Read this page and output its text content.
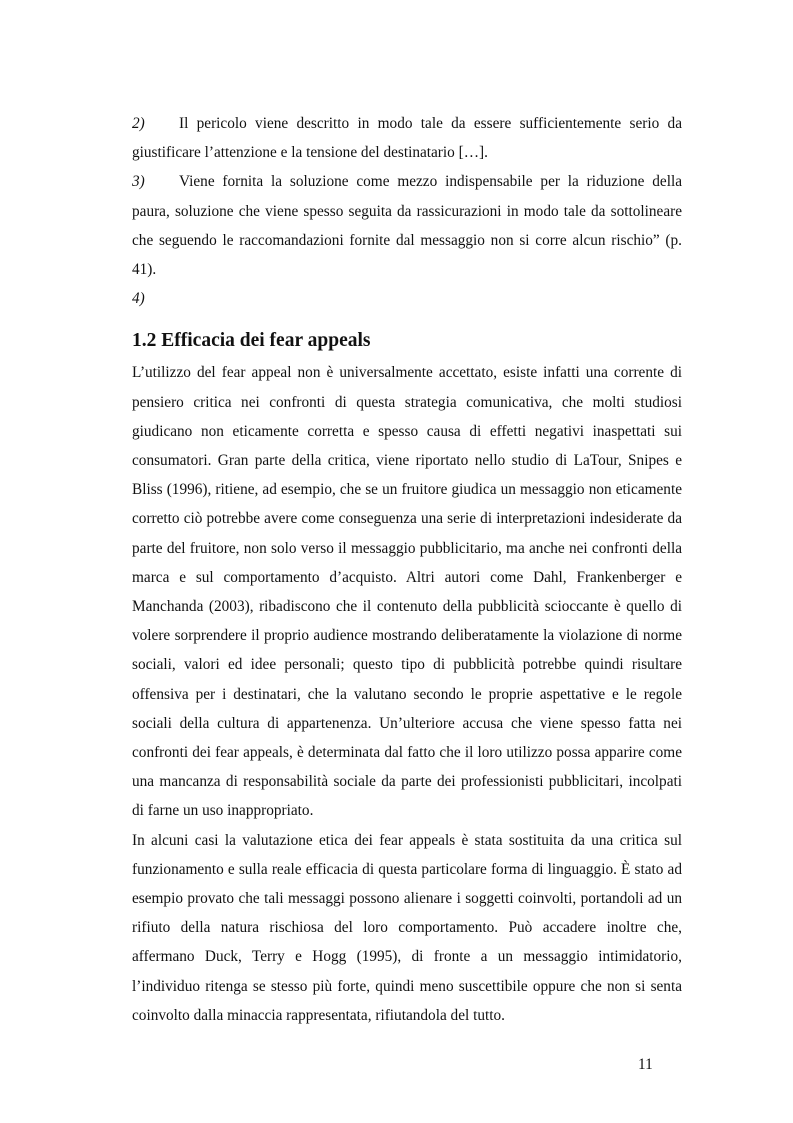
2) Il pericolo viene descritto in modo tale da essere sufficientemente serio da giustificare l’attenzione e la tensione del destinatario […].

3) Viene fornita la soluzione come mezzo indispensabile per la riduzione della paura, soluzione che viene spesso seguita da rassicurazioni in modo tale da sottolineare che seguendo le raccomandazioni fornite dal messaggio non si corre alcun rischio” (p. 41).

4)

1.2 Efficacia dei fear appeals

L’utilizzo del fear appeal non è universalmente accettato, esiste infatti una corrente di pensiero critica nei confronti di questa strategia comunicativa, che molti studiosi giudicano non eticamente corretta e spesso causa di effetti negativi inaspettati sui consumatori. Gran parte della critica, viene riportato nello studio di LaTour, Snipes e Bliss (1996), ritiene, ad esempio, che se un fruitore giudica un messaggio non eticamente corretto ciò potrebbe avere come conseguenza una serie di interpretazioni indesiderate da parte del fruitore, non solo verso il messaggio pubblicitario, ma anche nei confronti della marca e sul comportamento d’acquisto. Altri autori come Dahl, Frankenberger e Manchanda (2003), ribadiscono che il contenuto della pubblicità scioccante è quello di volere sorprendere il proprio audience mostrando deliberatamente la violazione di norme sociali, valori ed idee personali; questo tipo di pubblicità potrebbe quindi risultare offensiva per i destinatari, che la valutano secondo le proprie aspettative e le regole sociali della cultura di appartenenza. Un’ulteriore accusa che viene spesso fatta nei confronti dei fear appeals, è determinata dal fatto che il loro utilizzo possa apparire come una mancanza di responsabilità sociale da parte dei professionisti pubblicitari, incolpati di farne un uso inappropriato.

In alcuni casi la valutazione etica dei fear appeals è stata sostituita da una critica sul funzionamento e sulla reale efficacia di questa particolare forma di linguaggio. È stato ad esempio provato che tali messaggi possono alienare i soggetti coinvolti, portandoli ad un rifiuto della natura rischiosa del loro comportamento. Può accadere inoltre che, affermano Duck, Terry e Hogg (1995), di fronte a un messaggio intimidatorio, l’individuo ritenga se stesso più forte, quindi meno suscettibile oppure che non si senta coinvolto dalla minaccia rappresentata, rifiutandola del tutto.

11
